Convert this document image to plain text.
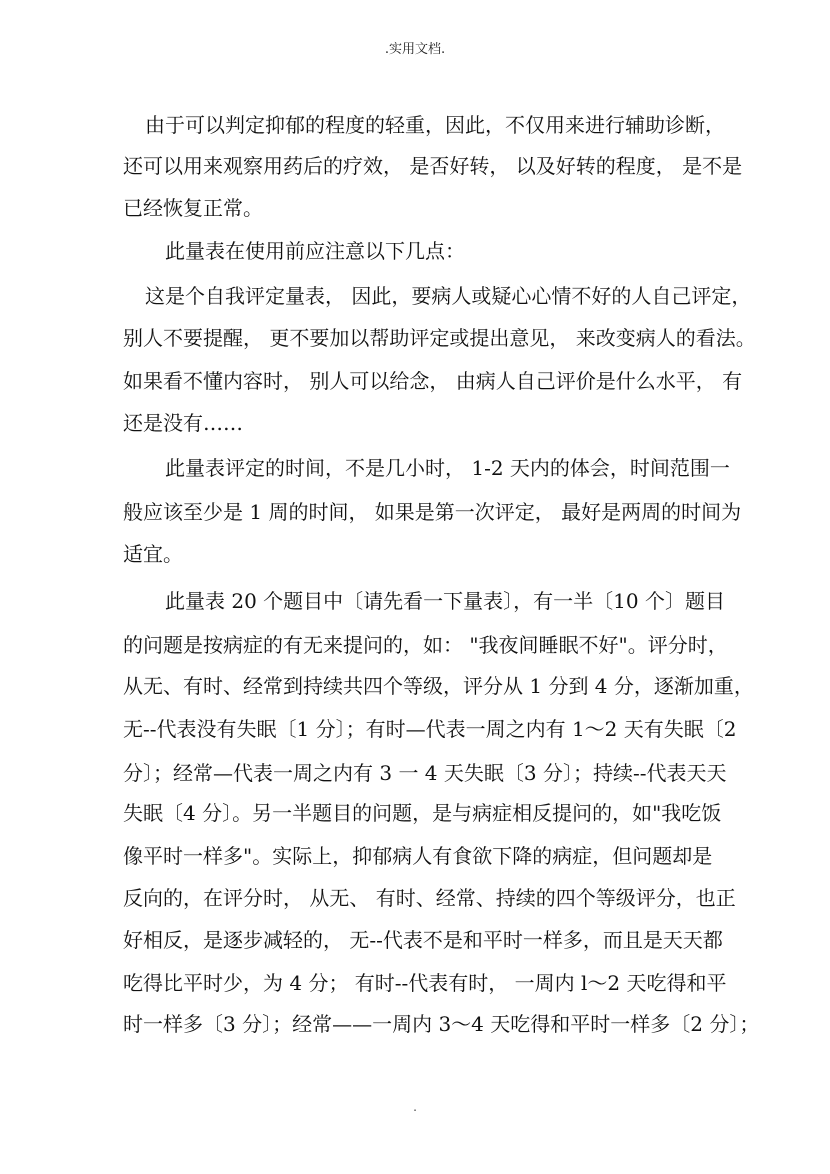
.实用文档.
由于可以判定抑郁的程度的轻重，因此，不仅用来进行辅助诊断，
还可以用来观察用药后的疗效， 是否好转， 以及好转的程度， 是不是
已经恢复正常。
此量表在使用前应注意以下几点：
这是个自我评定量表， 因此，要病人或疑心心情不好的人自己评定，
别人不要提醒， 更不要加以帮助评定或提出意见， 来改变病人的看法。
如果看不懂内容时， 别人可以给念， 由病人自己评价是什么水平， 有
还是没有……
此量表评定的时间，不是几小时， 1-2 天内的体会，时间范围一
般应该至少是 1 周的时间， 如果是第一次评定， 最好是两周的时间为
适宜。
此量表 20 个题目中〔请先看一下量表〕，有一半〔10 个〕题目
的问题是按病症的有无来提问的，如： "我夜间睡眠不好"。评分时，
从无、有时、经常到持续共四个等级，评分从 1 分到 4 分，逐渐加重，
无--代表没有失眠〔1 分〕；有时—代表一周之内有 1～2 天有失眠〔2
分〕；经常—代表一周之内有 3 一 4 天失眠〔3 分〕；持续--代表天天
失眠〔4 分〕。另一半题目的问题，是与病症相反提问的，如"我吃饭
像平时一样多"。实际上，抑郁病人有食欲下降的病症，但问题却是
反向的，在评分时， 从无、 有时、经常、持续的四个等级评分，也正
好相反，是逐步减轻的， 无--代表不是和平时一样多，而且是天天都
吃得比平时少，为 4 分； 有时--代表有时， 一周内 l～2 天吃得和平
时一样多〔3 分〕；经常——一周内 3～4 天吃得和平时一样多〔2 分〕；
.
